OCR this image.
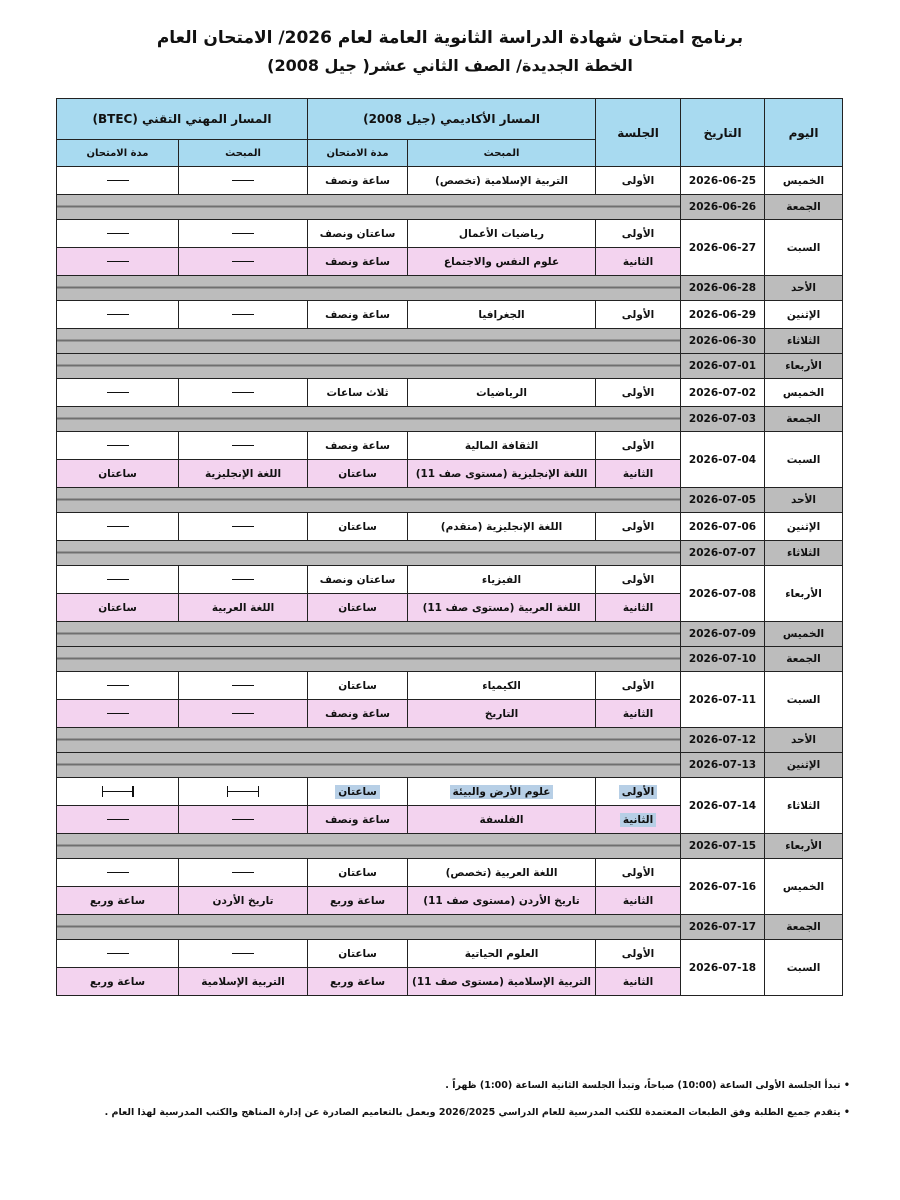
برنامج امتحان شهادة الدراسة الثانوية العامة لعام 2026/ الامتحان العام
الخطة الجديدة/ الصف الثاني عشر( جيل 2008)
اليوم	التاريخ	الجلسة	المسار الأكاديمي (جيل 2008)		المسار المهني التقني (BTEC)	
			المبحث	مدة الامتحان	المبحث	مدة الامتحان
الخميس	2026-06-25	الأولى	التربية الإسلامية (تخصص)	ساعة ونصف		
الجمعة	2026-06-26					
السبت	2026-06-27	الأولى	رياضيات الأعمال	ساعتان ونصف		
		الثانية	علوم النفس والاجتماع	ساعة ونصف		
الأحد	2026-06-28					
الإثنين	2026-06-29	الأولى	الجغرافيا	ساعة ونصف		
الثلاثاء	2026-06-30					
الأربعاء	2026-07-01					
الخميس	2026-07-02	الأولى	الرياضيات	ثلاث ساعات		
الجمعة	2026-07-03					
السبت	2026-07-04	الأولى	الثقافة المالية	ساعة ونصف		
		الثانية	اللغة الإنجليزية (مستوى صف 11)	ساعتان	اللغة الإنجليزية	ساعتان
الأحد	2026-07-05					
الإثنين	2026-07-06	الأولى	اللغة الإنجليزية (متقدم)	ساعتان		
الثلاثاء	2026-07-07					
الأربعاء	2026-07-08	الأولى	الفيزياء	ساعتان ونصف		
		الثانية	اللغة العربية (مستوى صف 11)	ساعتان	اللغة العربية	ساعتان
الخميس	2026-07-09					
الجمعة	2026-07-10					
السبت	2026-07-11	الأولى	الكيمياء	ساعتان		
		الثانية	التاريخ	ساعة ونصف		
الأحد	2026-07-12					
الإثنين	2026-07-13					
الثلاثاء	2026-07-14	الأولى	علوم الأرض والبيئة	ساعتان		
		الثانية	الفلسفة	ساعة ونصف		
الأربعاء	2026-07-15					
الخميس	2026-07-16	الأولى	اللغة العربية (تخصص)	ساعتان		
		الثانية	تاريخ الأردن (مستوى صف 11)	ساعة وربع	تاريخ الأردن	ساعة وربع
الجمعة	2026-07-17					
السبت	2026-07-18	الأولى	العلوم الحياتية	ساعتان		
		الثانية	التربية الإسلامية (مستوى صف 11)	ساعة وربع	التربية الإسلامية	ساعة وربع
• تبدأ الجلسة الأولى الساعة (10:00) صباحاً، وتبدأ الجلسة الثانية الساعة (1:00) ظهراً .
• يتقدم جميع الطلبة وفق الطبعات المعتمدة للكتب المدرسية للعام الدراسي 2026/2025 وبعمل بالتعاميم الصادرة عن إدارة المناهج والكتب المدرسية لهذا العام .
